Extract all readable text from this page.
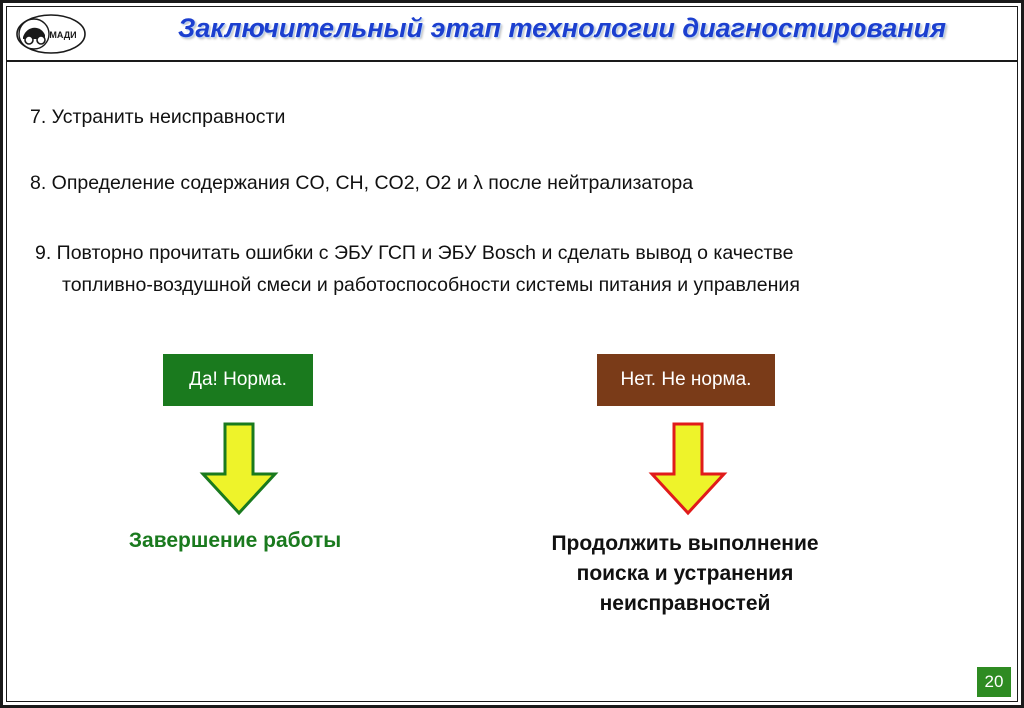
МАДИ	Заключительный этап технологии диагностирования
7. Устранить неисправности
8. Определение содержания CO, CH, CO2, O2 и λ после нейтрализатора
9. Повторно прочитать ошибки с ЭБУ ГСП и ЭБУ Bosch и сделать вывод о качестве
топливно-воздушной смеси и работоспособности системы питания и управления
Да! Норма.	Нет. Не норма.
Завершение работы	Продолжить выполнение
поиска и устранения
неисправностей
20
